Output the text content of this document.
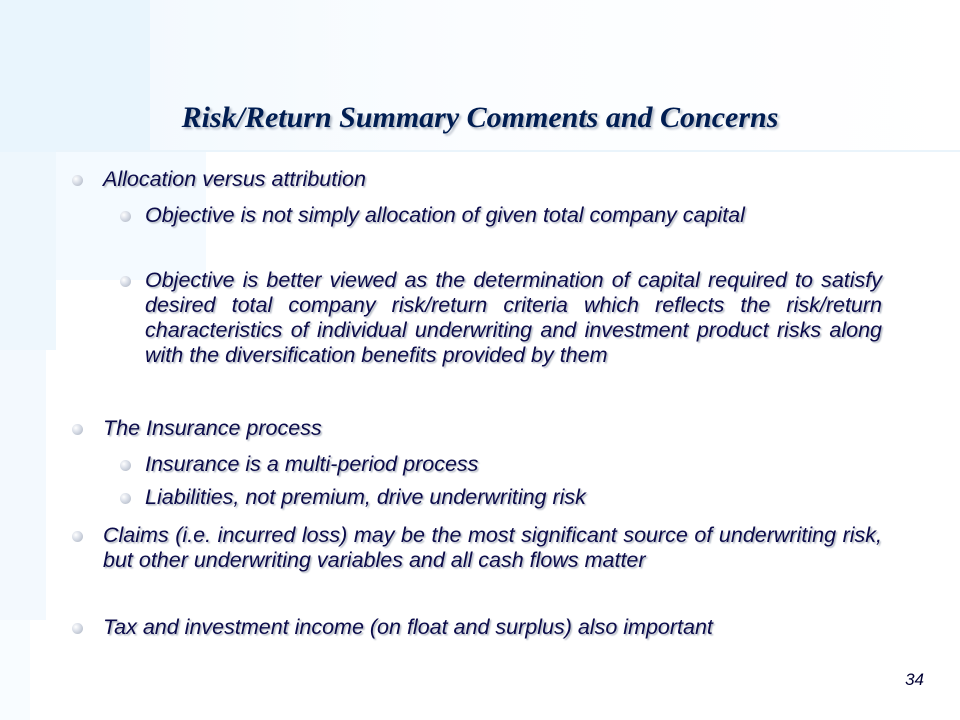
Risk/Return Summary Comments and Concerns
Allocation versus attribution
Objective is not simply allocation of given total company capital
Objective is better viewed as the determination of capital required to satisfy desired total company risk/return criteria which reflects the risk/return characteristics of individual underwriting and investment product risks along with the diversification benefits provided by them
The Insurance process
Insurance is a multi-period process
Liabilities, not premium, drive underwriting risk
Claims (i.e. incurred loss) may be the most significant source of underwriting risk, but other underwriting variables and all cash flows matter
Tax and investment income (on float and surplus) also important
34
